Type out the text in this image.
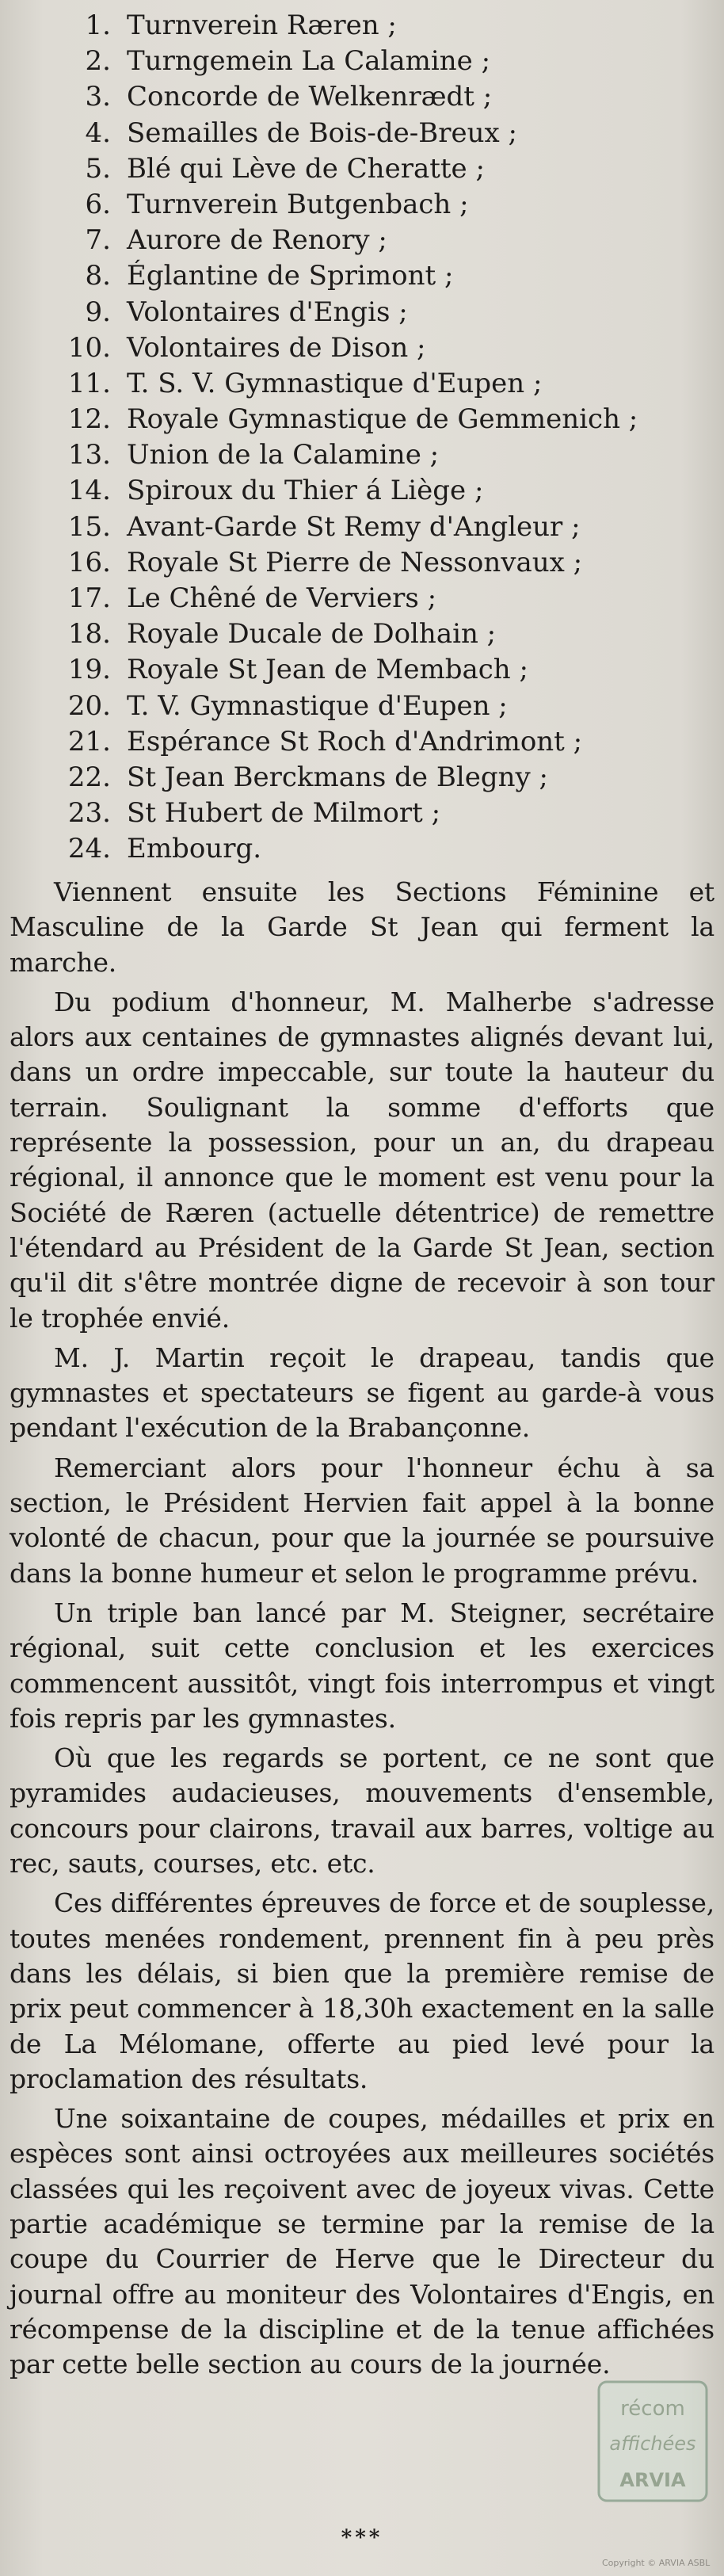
1. Turnverein Ræren ;
2. Turngemein La Calamine ;
3. Concorde de Welkenrædt ;
4. Semailles de Bois-de-Breux ;
5. Blé qui Lève de Cheratte ;
6. Turnverein Butgenbach ;
7. Aurore de Renory ;
8. Églantine de Sprimont ;
9. Volontaires d'Engis ;
10. Volontaires de Dison ;
11. T. S. V. Gymnastique d'Eupen ;
12. Royale Gymnastique de Gemmenich ;
13. Union de la Calamine ;
14. Spiroux du Thier á Liège ;
15. Avant-Garde St Remy d'Angleur ;
16. Royale St Pierre de Nessonvaux ;
17. Le Chêné de Verviers ;
18. Royale Ducale de Dolhain ;
19. Royale St Jean de Membach ;
20. T. V. Gymnastique d'Eupen ;
21. Espérance St Roch d'Andrimont ;
22. St Jean Berckmans de Blegny ;
23. St Hubert de Milmort ;
24. Embourg.

Viennent ensuite les Sections Féminine et Masculine de la Garde St Jean qui ferment la marche.

Du podium d'honneur, M. Malherbe s'adresse alors aux centaines de gymnastes alignés devant lui, dans un ordre impeccable, sur toute la hauteur du terrain. Soulignant la somme d'efforts que représente la possession, pour un an, du drapeau régional, il annonce que le moment est venu pour la Société de Ræren (actuelle détentrice) de remettre l'étendard au Président de la Garde St Jean, section qu'il dit s'être montrée digne de recevoir à son tour le trophée envié.

M. J. Martin reçoit le drapeau, tandis que gymnastes et spectateurs se figent au garde-à vous pendant l'exécution de la Brabançonne.

Remerciant alors pour l'honneur échu à sa section, le Président Hervien fait appel à la bonne volonté de chacun, pour que la journée se poursuive dans la bonne humeur et selon le programme prévu.

Un triple ban lancé par M. Steigner, secrétaire régional, suit cette conclusion et les exercices commencent aussitôt, vingt fois interrompus et vingt fois repris par les gymnastes.

Où que les regards se portent, ce ne sont que pyramides audacieuses, mouvements d'ensemble, concours pour clairons, travail aux barres, voltige au rec, sauts, courses, etc. etc.

Ces différentes épreuves de force et de souplesse, toutes menées rondement, prennent fin à peu près dans les délais, si bien que la première remise de prix peut commencer à 18,30h exactement en la salle de La Mélomane, offerte au pied levé pour la proclamation des résultats.

Une soixantaine de coupes, médailles et prix en espèces sont ainsi octroyées aux meilleures sociétés classées qui les reçoivent avec de joyeux vivas. Cette partie académique se termine par la remise de la coupe du Courrier de Herve que le Directeur du journal offre au moniteur des Volontaires d'Engis, en récompense de la discipline et de la tenue affichées par cette belle section au cours de la journée.

récom
affichées
ARVIA
***
Copyright © ARVIA ASBL
